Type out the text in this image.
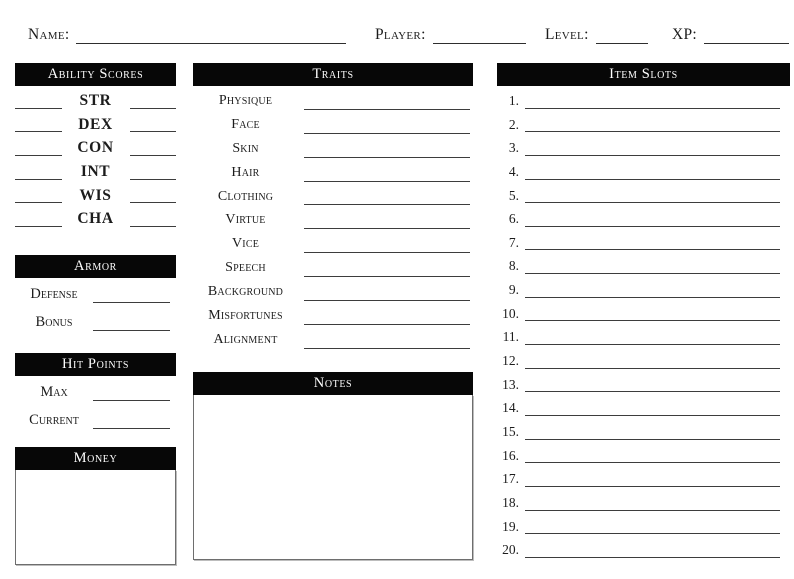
Name:	Player:	Level:	XP:
Ability Scores
STR
DEX
CON
INT
WIS
CHA
Armor
Defense
Bonus
Hit Points
Max
Current
Money
Traits
Physique
Face
Skin
Hair
Clothing
Virtue
Vice
Speech
Background
Misfortunes
Alignment
Notes
Item Slots
1.
2.
3.
4.
5.
6.
7.
8.
9.
10.
11.
12.
13.
14.
15.
16.
17.
18.
19.
20.
